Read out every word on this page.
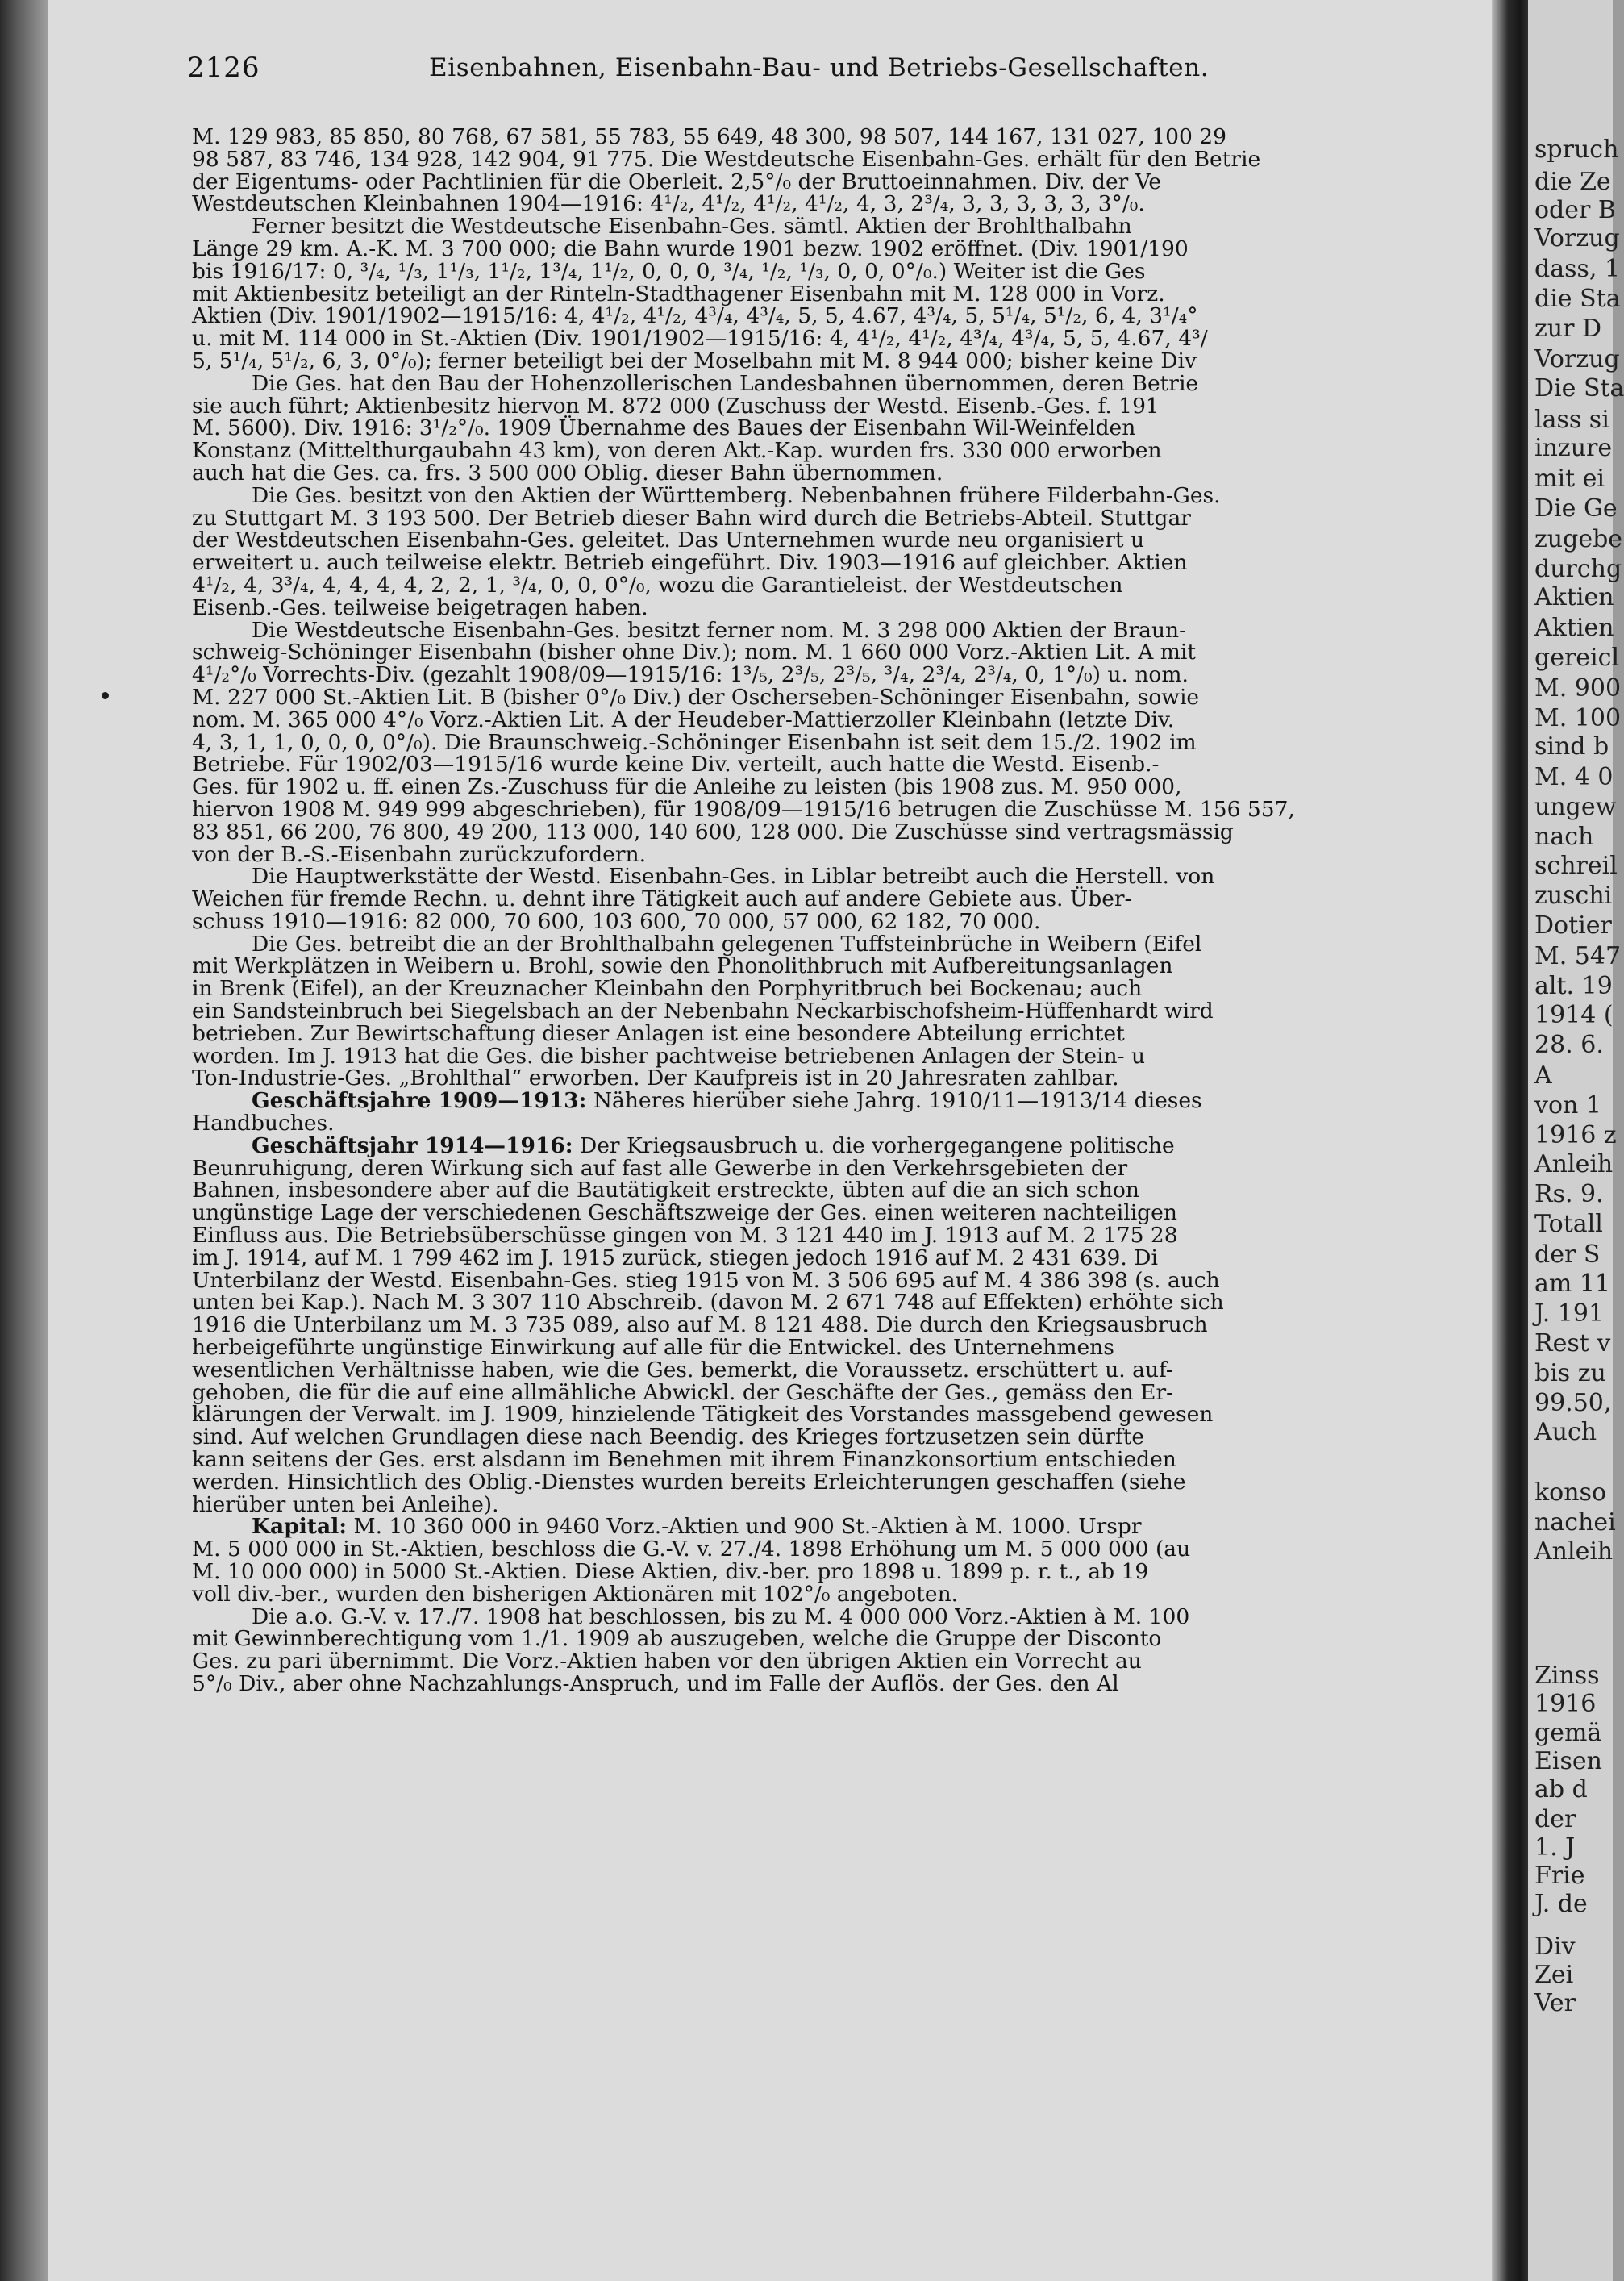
2126	Eisenbahnen, Eisenbahn-Bau- und Betriebs-Gesellschaften.
M. 129 983, 85 850, 80 768, 67 581, 55 783, 55 649, 48 300, 98 507, 144 167, 131 027, 100 29
98 587, 83 746, 134 928, 142 904, 91 775. Die Westdeutsche Eisenbahn-Ges. erhält für den Betrie
der Eigentums- oder Pachtlinien für die Oberleit. 2,5°/₀ der Bruttoeinnahmen. Div. der Ve
Westdeutschen Kleinbahnen 1904—1916: 4¹/₂, 4¹/₂, 4¹/₂, 4¹/₂, 4, 3, 2³/₄, 3, 3, 3, 3, 3, 3°/₀.
Ferner besitzt die Westdeutsche Eisenbahn-Ges. sämtl. Aktien der Brohlthalbahn
Länge 29 km. A.-K. M. 3 700 000; die Bahn wurde 1901 bezw. 1902 eröffnet. (Div. 1901/190
bis 1916/17: 0, ³/₄, ¹/₃, 1¹/₃, 1¹/₂, 1³/₄, 1¹/₂, 0, 0, 0, ³/₄, ¹/₂, ¹/₃, 0, 0, 0°/₀.) Weiter ist die Ges
mit Aktienbesitz beteiligt an der Rinteln-Stadthagener Eisenbahn mit M. 128 000 in Vorz.
Aktien (Div. 1901/1902—1915/16: 4, 4¹/₂, 4¹/₂, 4³/₄, 4³/₄, 5, 5, 4.67, 4³/₄, 5, 5¹/₄, 5¹/₂, 6, 4, 3¹/₄°
u. mit M. 114 000 in St.-Aktien (Div. 1901/1902—1915/16: 4, 4¹/₂, 4¹/₂, 4³/₄, 4³/₄, 5, 5, 4.67, 4³/
5, 5¹/₄, 5¹/₂, 6, 3, 0°/₀); ferner beteiligt bei der Moselbahn mit M. 8 944 000; bisher keine Div
Die Ges. hat den Bau der Hohenzollerischen Landesbahnen übernommen, deren Betrie
sie auch führt; Aktienbesitz hiervon M. 872 000 (Zuschuss der Westd. Eisenb.-Ges. f. 191
M. 5600). Div. 1916: 3¹/₂°/₀. 1909 Übernahme des Baues der Eisenbahn Wil-Weinfelden
Konstanz (Mittelthurgaubahn 43 km), von deren Akt.-Kap. wurden frs. 330 000 erworben
auch hat die Ges. ca. frs. 3 500 000 Oblig. dieser Bahn übernommen.
Die Ges. besitzt von den Aktien der Württemberg. Nebenbahnen frühere Filderbahn-Ges.
zu Stuttgart M. 3 193 500. Der Betrieb dieser Bahn wird durch die Betriebs-Abteil. Stuttgar
der Westdeutschen Eisenbahn-Ges. geleitet. Das Unternehmen wurde neu organisiert u
erweitert u. auch teilweise elektr. Betrieb eingeführt. Div. 1903—1916 auf gleichber. Aktien
4¹/₂, 4, 3³/₄, 4, 4, 4, 4, 2, 2, 1, ³/₄, 0, 0, 0°/₀, wozu die Garantieleist. der Westdeutschen
Eisenb.-Ges. teilweise beigetragen haben.
Die Westdeutsche Eisenbahn-Ges. besitzt ferner nom. M. 3 298 000 Aktien der Braun-
schweig-Schöninger Eisenbahn (bisher ohne Div.); nom. M. 1 660 000 Vorz.-Aktien Lit. A mit
4¹/₂°/₀ Vorrechts-Div. (gezahlt 1908/09—1915/16: 1³/₅, 2³/₅, 2³/₅, ³/₄, 2³/₄, 2³/₄, 0, 1°/₀) u. nom.
M. 227 000 St.-Aktien Lit. B (bisher 0°/₀ Div.) der Oscherseben-Schöninger Eisenbahn, sowie
nom. M. 365 000 4°/₀ Vorz.-Aktien Lit. A der Heudeber-Mattierzoller Kleinbahn (letzte Div.
4, 3, 1, 1, 0, 0, 0, 0°/₀). Die Braunschweig.-Schöninger Eisenbahn ist seit dem 15./2. 1902 im
Betriebe. Für 1902/03—1915/16 wurde keine Div. verteilt, auch hatte die Westd. Eisenb.-
Ges. für 1902 u. ff. einen Zs.-Zuschuss für die Anleihe zu leisten (bis 1908 zus. M. 950 000,
hiervon 1908 M. 949 999 abgeschrieben), für 1908/09—1915/16 betrugen die Zuschüsse M. 156 557,
83 851, 66 200, 76 800, 49 200, 113 000, 140 600, 128 000. Die Zuschüsse sind vertragsmässig
von der B.-S.-Eisenbahn zurückzufordern.
Die Hauptwerkstätte der Westd. Eisenbahn-Ges. in Liblar betreibt auch die Herstell. von
Weichen für fremde Rechn. u. dehnt ihre Tätigkeit auch auf andere Gebiete aus. Über-
schuss 1910—1916: 82 000, 70 600, 103 600, 70 000, 57 000, 62 182, 70 000.
Die Ges. betreibt die an der Brohlthalbahn gelegenen Tuffsteinbrüche in Weibern (Eifel
mit Werkplätzen in Weibern u. Brohl, sowie den Phonolithbruch mit Aufbereitungsanlagen
in Brenk (Eifel), an der Kreuznacher Kleinbahn den Porphyritbruch bei Bockenau; auch
ein Sandsteinbruch bei Siegelsbach an der Nebenbahn Neckarbischofsheim-Hüffenhardt wird
betrieben. Zur Bewirtschaftung dieser Anlagen ist eine besondere Abteilung errichtet
worden. Im J. 1913 hat die Ges. die bisher pachtweise betriebenen Anlagen der Stein- u
Ton-Industrie-Ges. „Brohlthal“ erworben. Der Kaufpreis ist in 20 Jahresraten zahlbar.
Geschäftsjahre 1909—1913: Näheres hierüber siehe Jahrg. 1910/11—1913/14 dieses
Handbuches.
Geschäftsjahr 1914—1916: Der Kriegsausbruch u. die vorhergegangene politische
Beunruhigung, deren Wirkung sich auf fast alle Gewerbe in den Verkehrsgebieten der
Bahnen, insbesondere aber auf die Bautätigkeit erstreckte, übten auf die an sich schon
ungünstige Lage der verschiedenen Geschäftszweige der Ges. einen weiteren nachteiligen
Einfluss aus. Die Betriebsüberschüsse gingen von M. 3 121 440 im J. 1913 auf M. 2 175 28
im J. 1914, auf M. 1 799 462 im J. 1915 zurück, stiegen jedoch 1916 auf M. 2 431 639. Di
Unterbilanz der Westd. Eisenbahn-Ges. stieg 1915 von M. 3 506 695 auf M. 4 386 398 (s. auch
unten bei Kap.). Nach M. 3 307 110 Abschreib. (davon M. 2 671 748 auf Effekten) erhöhte sich
1916 die Unterbilanz um M. 3 735 089, also auf M. 8 121 488. Die durch den Kriegsausbruch
herbeigeführte ungünstige Einwirkung auf alle für die Entwickel. des Unternehmens
wesentlichen Verhältnisse haben, wie die Ges. bemerkt, die Voraussetz. erschüttert u. auf-
gehoben, die für die auf eine allmähliche Abwickl. der Geschäfte der Ges., gemäss den Er-
klärungen der Verwalt. im J. 1909, hinzielende Tätigkeit des Vorstandes massgebend gewesen
sind. Auf welchen Grundlagen diese nach Beendig. des Krieges fortzusetzen sein dürfte
kann seitens der Ges. erst alsdann im Benehmen mit ihrem Finanzkonsortium entschieden
werden. Hinsichtlich des Oblig.-Dienstes wurden bereits Erleichterungen geschaffen (siehe
hierüber unten bei Anleihe).
Kapital: M. 10 360 000 in 9460 Vorz.-Aktien und 900 St.-Aktien à M. 1000. Urspr
M. 5 000 000 in St.-Aktien, beschloss die G.-V. v. 27./4. 1898 Erhöhung um M. 5 000 000 (au
M. 10 000 000) in 5000 St.-Aktien. Diese Aktien, div.-ber. pro 1898 u. 1899 p. r. t., ab 19
voll div.-ber., wurden den bisherigen Aktionären mit 102°/₀ angeboten.
Die a.o. G.-V. v. 17./7. 1908 hat beschlossen, bis zu M. 4 000 000 Vorz.-Aktien à M. 100
mit Gewinnberechtigung vom 1./1. 1909 ab auszugeben, welche die Gruppe der Disconto
Ges. zu pari übernimmt. Die Vorz.-Aktien haben vor den übrigen Aktien ein Vorrecht au
5°/₀ Div., aber ohne Nachzahlungs-Anspruch, und im Falle der Auflös. der Ges. den Al
spruch
die Ze
oder B
Vorzug
dass, 1
die Sta
zur D
Vorzug
Die Sta
lass si
inzure
mit ei
Die Ge
zugebe
durchg
Aktien
Aktien
gereicl
M. 900
M. 100
sind b
M. 4 0
ungew
nach
schreil
zuschi
Dotier
M. 547
alt. 19
1914 (
28. 6.
A
von 1
1916 z
Anleih
Rs. 9.
Totall
der S
am 11
J. 191
Rest v
bis zu
99.50,
Auch
konso
nachei
Anleih
Zinss
1916
gemä
Eisen
ab d
der
1. J
Frie
J. de
Div
Zei
Ver
